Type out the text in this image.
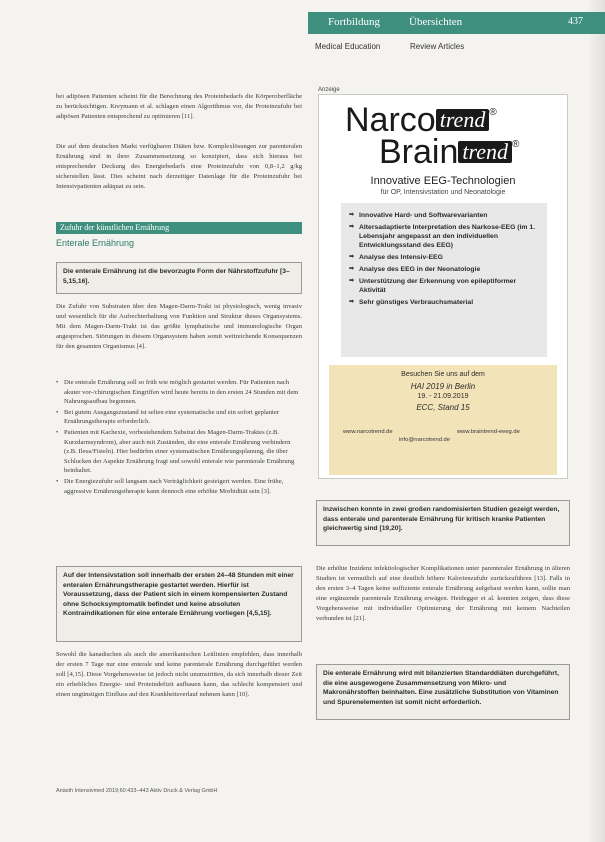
Fortbildung	Übersichten	437
Medical Education	Review Articles
bei adipösen Patienten scheint für die Berechnung des Proteinbedarfs die Körperoberfläche zu berücksichtigen. Kreymann et al. schlagen einen Algorithmus vor, die Proteinzufuhr bei adipösen Patienten entsprechend zu optimieren [11].
Die auf dem deutschen Markt verfügbaren Diäten bzw. Komplexlösungen zur parenteralen Ernährung sind in ihrer Zusammensetzung so konzipiert, dass sich hieraus bei entsprechender Deckung des Energiebedarfs eine Proteinzufuhr von 0,8–1,2 g/kg sicherstellen lässt. Dies scheint nach derzeitiger Datenlage für die Proteinzufuhr bei Intensivpatienten adäquat zu sein.
Zufuhr der künstlichen Ernährung
Enterale Ernährung
Die enterale Ernährung ist die bevorzugte Form der Nährstoffzufuhr [3–5,15,16].
Die Zufuhr von Substraten über den Magen-Darm-Trakt ist physiologisch, wenig invasiv und wesentlich für die Aufrechterhaltung von Funktion und Struktur dieses Organsystems. Mit dem Magen-Darm-Trakt ist das größte lymphatische und immunologische Organ angesprochen. Störungen in diesem Organsystem haben somit weitreichende Konsequenzen für den gesamten Organismus [4].
• Die enterale Ernährung soll so früh wie möglich gestartet werden. Für Patienten nach akuter vor-/chirurgischen Eingriffen wird heute bereits in den ersten 24 Stunden mit dem Nahrungsaufbau begonnen.
• Bei gutem Ausgangszustand ist selten eine systematische und ein sofort geplanter Ernährungstherapie erforderlich.
• Patienten mit Kachexie, vorbestehendem Substrat des Magen-Darm-Traktes (z.B. Kurzdarmsyndrom), aber auch mit Zuständen, die eine enterale Ernährung verhindern (z.B. Ileus/Fisteln). Hier bedürfen einer systematischen Ernährungsplanung, die über Schlucken der Aspekte Ernährung fragt und sowohl enterale wie parenterale Ernährung beinhaltet.
• Die Energiezufuhr soll langsam nach Verträglichkeit gesteigert werden. Eine frühe, aggressive Ernährungstherapie kann dennoch eine erhöhte Morbidität sein [3].
Auf der Intensivstation soll innerhalb der ersten 24–48 Stunden mit einer enteralen Ernährungstherapie gestartet werden. Hierfür ist Voraussetzung, dass der Patient sich in einem kompensierten Zustand ohne Schocksymptomatik befindet und keine absoluten Kontraindikationen für eine enterale Ernährung vorliegen [4,5,15].
Sowohl die kanadischen als auch die amerikanischen Leitlinien empfehlen, dass innerhalb der ersten 7 Tage nur eine enterale und keine parenterale Ernährung durchgeführt werden soll [4,15]. Diese Vorgehensweise ist jedoch nicht unumstritten, da sich innerhalb dieser Zeit ein erhebliches Energie- und Proteindefizit aufbauen kann, das schlecht kompensiert und einen ungünstigen Einfluss auf den Krankheitsverlauf nehmen kann [10].
Anzeige
Narco trend ®
Brain trend ®
Innovative EEG-Technologien
für OP, Intensivstation und Neonatologie
➡ Innovative Hard- und Softwarevarianten
➡ Altersadaptierte Interpretation des Narkose-EEG (im 1. Lebensjahr angepasst an den individuellen Entwicklungsstand des EEG)
➡ Analyse des Intensiv-EEG
➡ Analyse des EEG in der Neonatologie
➡ Unterstützung der Erkennung von epileptiformer Aktivität
➡ Sehr günstiges Verbrauchsmaterial
Besuchen Sie uns auf dem
HAI 2019 in Berlin
19. - 21.09.2019
ECC, Stand 15
www.narcotrend.de	www.braintrend-eeeg.de
info@narcotrend.de
Inzwischen konnte in zwei großen randomisierten Studien gezeigt werden, dass enterale und parenterale Ernährung für kritisch kranke Patienten gleichwertig sind [19,20].
Die erhöhte Inzidenz infektiologischer Komplikationen unter parenteraler Ernährung in älteren Studien ist vermutlich auf eine deutlich höhere Kalorienzufuhr zurückzuführen [13]. Falls in den ersten 3–4 Tagen keine suffiziente enterale Ernährung aufgebaut werden kann, sollte man eine ergänzende parenterale Ernährung erwägen. Heidegger et al. konnten zeigen, dass diese Vorgehensweise mit individueller Optimierung der Ernährung mit keinem Nachteilen verbunden ist [21].
Die enterale Ernährung wird mit bilanzierten Standarddiäten durchgeführt, die eine ausgewogene Zusammensetzung von Mikro- und Makronährstoffen beinhalten. Eine zusätzliche Substitution von Vitaminen und Spurenelementen ist somit nicht erforderlich.
Anästh Intensivmed 2019;60:433–443 Aktiv Druck & Verlag GmbH
